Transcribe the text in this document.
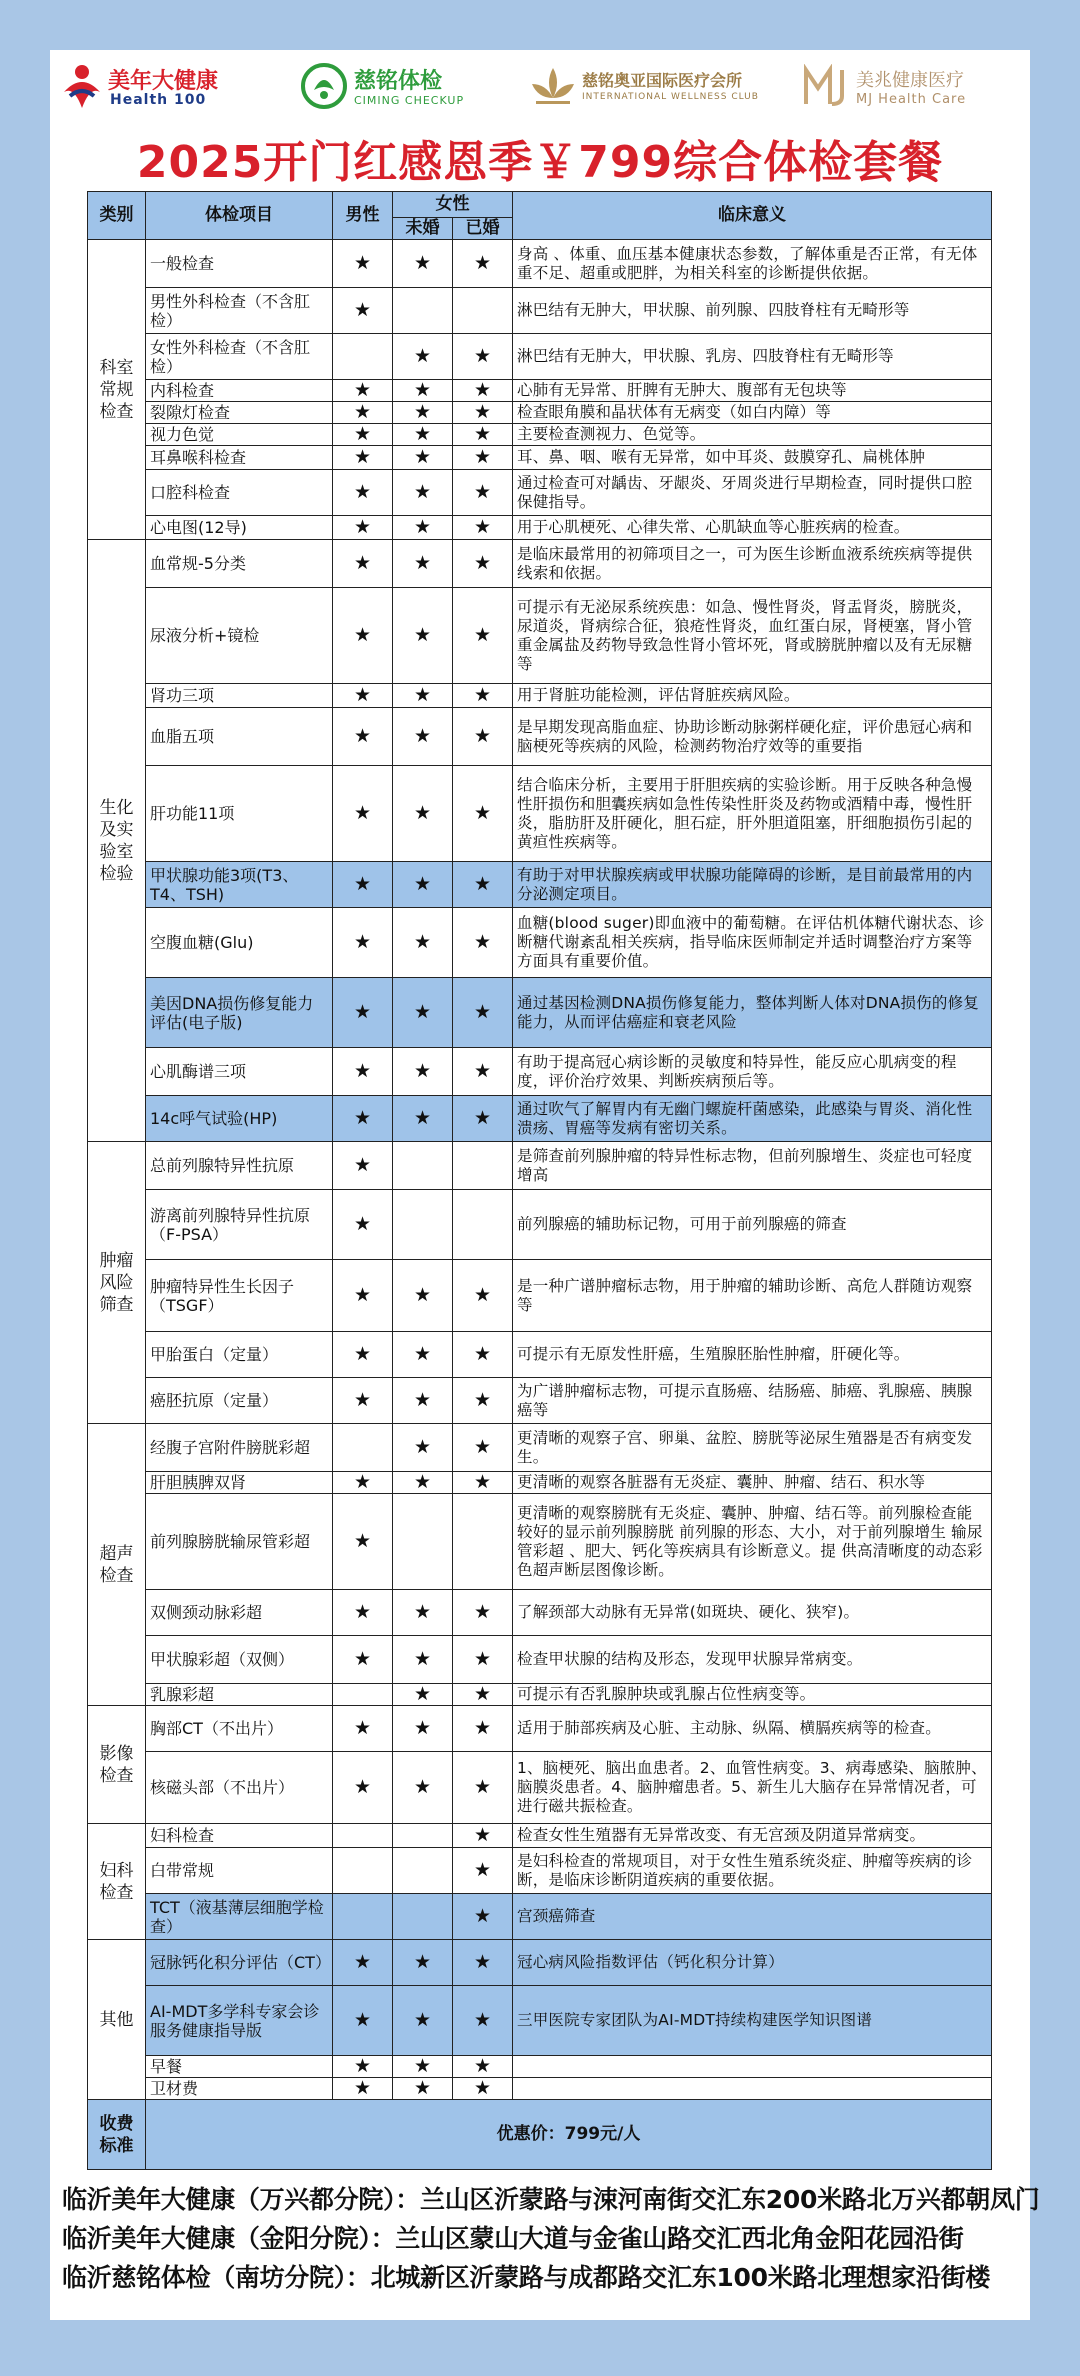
美年大健康
Health 100
慈铭体检
CIMING CHECKUP
慈铭奥亚国际医疗会所
INTERNATIONAL WELLNESS CLUB
美兆健康医疗
MJ Health Care
2025开门红感恩季￥799综合体检套餐
类别	体检项目	男性	女性		临床意义
			未婚	已婚	
科室常规检查	一般检查	★	★	★	身高 、体重、血压基本健康状态参数，了解体重是否正常，有无体重不足、超重或肥胖，为相关科室的诊断提供依据。
	男性外科检查（不含肛检）	★			淋巴结有无肿大，甲状腺、前列腺、四肢脊柱有无畸形等
	女性外科检查（不含肛检）		★	★	淋巴结有无肿大，甲状腺、乳房、四肢脊柱有无畸形等
	内科检查	★	★	★	心肺有无异常、肝脾有无肿大、腹部有无包块等
	裂隙灯检查	★	★	★	检查眼角膜和晶状体有无病变（如白内障）等
	视力色觉	★	★	★	主要检查测视力、色觉等。
	耳鼻喉科检查	★	★	★	耳、鼻、咽、喉有无异常，如中耳炎、鼓膜穿孔、扁桃体肿
	口腔科检查	★	★	★	通过检查可对龋齿、牙龈炎、牙周炎进行早期检查，同时提供口腔保健指导。
	心电图(12导)	★	★	★	用于心肌梗死、心律失常、心肌缺血等心脏疾病的检查。
生化及实验室检验	血常规-5分类	★	★	★	是临床最常用的初筛项目之一，可为医生诊断血液系统疾病等提供线索和依据。
	尿液分析+镜检	★	★	★	可提示有无泌尿系统疾患：如急、慢性肾炎，肾盂肾炎，膀胱炎，尿道炎，肾病综合征，狼疮性肾炎，血红蛋白尿，肾梗塞，肾小管重金属盐及药物导致急性肾小管坏死，肾或膀胱肿瘤以及有无尿糖等
	肾功三项	★	★	★	用于肾脏功能检测，评估肾脏疾病风险。
	血脂五项	★	★	★	是早期发现高脂血症、协助诊断动脉粥样硬化症，评价患冠心病和脑梗死等疾病的风险，检测药物治疗效等的重要指
	肝功能11项	★	★	★	结合临床分析，主要用于肝胆疾病的实验诊断。用于反映各种急慢性肝损伤和胆囊疾病如急性传染性肝炎及药物或酒精中毒，慢性肝炎，脂肪肝及肝硬化，胆石症，肝外胆道阻塞，肝细胞损伤引起的黄疸性疾病等。
	甲状腺功能3项(T3、T4、TSH)	★	★	★	有助于对甲状腺疾病或甲状腺功能障碍的诊断，是目前最常用的内分泌测定项目。
	空腹血糖(Glu)	★	★	★	血糖(blood suger)即血液中的葡萄糖。在评估机体糖代谢状态、诊断糖代谢紊乱相关疾病，指导临床医师制定并适时调整治疗方案等方面具有重要价值。
	美因DNA损伤修复能力评估(电子版)	★	★	★	通过基因检测DNA损伤修复能力，整体判断人体对DNA损伤的修复能力，从而评估癌症和衰老风险
	心肌酶谱三项	★	★	★	有助于提高冠心病诊断的灵敏度和特异性，能反应心肌病变的程度，评价治疗效果、判断疾病预后等。
	14c呼气试验(HP)	★	★	★	通过吹气了解胃内有无幽门螺旋杆菌感染，此感染与胃炎、消化性溃疡、胃癌等发病有密切关系。
肿瘤风险筛查	总前列腺特异性抗原	★			是筛查前列腺肿瘤的特异性标志物，但前列腺增生、炎症也可轻度增高
	游离前列腺特异性抗原（F-PSA）	★			前列腺癌的辅助标记物，可用于前列腺癌的筛查
	肿瘤特异性生长因子（TSGF）	★	★	★	是一种广谱肿瘤标志物，用于肿瘤的辅助诊断、高危人群随访观察等
	甲胎蛋白（定量）	★	★	★	可提示有无原发性肝癌，生殖腺胚胎性肿瘤，肝硬化等。
	癌胚抗原（定量）	★	★	★	为广谱肿瘤标志物，可提示直肠癌、结肠癌、肺癌、乳腺癌、胰腺癌等
超声检查	经腹子宫附件膀胱彩超		★	★	更清晰的观察子宫、卵巢、盆腔、膀胱等泌尿生殖器是否有病变发生。
	肝胆胰脾双肾	★	★	★	更清晰的观察各脏器有无炎症、囊肿、肿瘤、结石、积水等
	前列腺膀胱输尿管彩超	★			更清晰的观察膀胱有无炎症、囊肿、肿瘤、结石等。前列腺检查能较好的显示前列腺膀胱 前列腺的形态、大小，对于前列腺增生 输尿管彩超 、肥大、钙化等疾病具有诊断意义。提 供高清晰度的动态彩色超声断层图像诊断。
	双侧颈动脉彩超	★	★	★	了解颈部大动脉有无异常(如斑块、硬化、狭窄)。
	甲状腺彩超（双侧）	★	★	★	检查甲状腺的结构及形态，发现甲状腺异常病变。
	乳腺彩超		★	★	可提示有否乳腺肿块或乳腺占位性病变等。
影像检查	胸部CT（不出片）	★	★	★	适用于肺部疾病及心脏、主动脉、纵隔、横膈疾病等的检查。
	核磁头部（不出片）	★	★	★	1、脑梗死、脑出血患者。2、血管性病变。3、病毒感染、脑脓肿、脑膜炎患者。4、脑肿瘤患者。5、新生儿大脑存在异常情况者，可进行磁共振检查。
妇科检查	妇科检查			★	检查女性生殖器有无异常改变、有无宫颈及阴道异常病变。
	白带常规			★	是妇科检查的常规项目，对于女性生殖系统炎症、肿瘤等疾病的诊断，是临床诊断阴道疾病的重要依据。
	TCT（液基薄层细胞学检查）			★	宫颈癌筛查
其他	冠脉钙化积分评估（CT）	★	★	★	冠心病风险指数评估（钙化积分计算）
	AI-MDT多学科专家会诊服务健康指导版	★	★	★	三甲医院专家团队为AI-MDT持续构建医学知识图谱
	早餐	★	★	★	
	卫材费	★	★	★	
收费标准	优惠价：799元/人				
临沂美年大健康（万兴都分院）：兰山区沂蒙路与涑河南街交汇东200米路北万兴都朝凤门
临沂美年大健康（金阳分院）：兰山区蒙山大道与金雀山路交汇西北角金阳花园沿街
临沂慈铭体检（南坊分院）：北城新区沂蒙路与成都路交汇东100米路北理想家沿街楼
